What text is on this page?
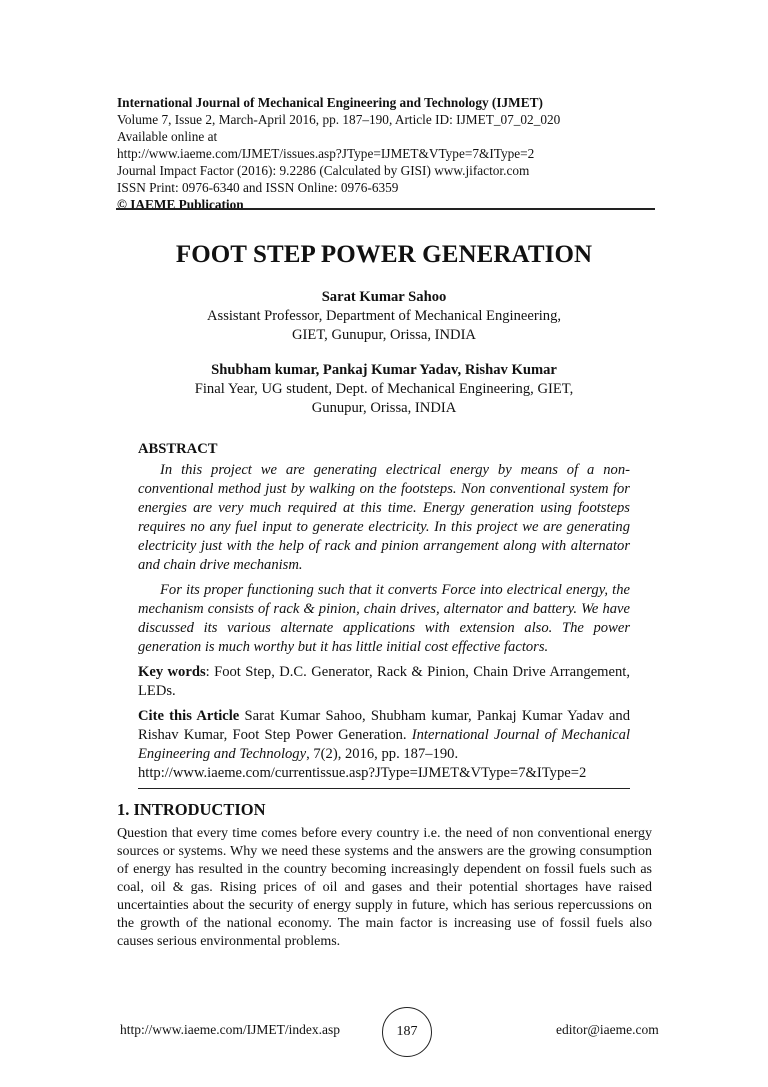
International Journal of Mechanical Engineering and Technology (IJMET)
Volume 7, Issue 2, March-April 2016, pp. 187–190, Article ID: IJMET_07_02_020
Available online at
http://www.iaeme.com/IJMET/issues.asp?JType=IJMET&VType=7&IType=2
Journal Impact Factor (2016): 9.2286 (Calculated by GISI) www.jifactor.com
ISSN Print: 0976-6340 and ISSN Online: 0976-6359
© IAEME Publication
FOOT STEP POWER GENERATION
Sarat Kumar Sahoo
Assistant Professor, Department of Mechanical Engineering,
GIET, Gunupur, Orissa, INDIA
Shubham kumar, Pankaj Kumar Yadav, Rishav Kumar
Final Year, UG student, Dept. of Mechanical Engineering, GIET,
Gunupur, Orissa, INDIA
ABSTRACT

In this project we are generating electrical energy by means of a non-conventional method just by walking on the footsteps. Non conventional system for energies are very much required at this time. Energy generation using footsteps requires no any fuel input to generate electricity. In this project we are generating electricity just with the help of rack and pinion arrangement along with alternator and chain drive mechanism.

For its proper functioning such that it converts Force into electrical energy, the mechanism consists of rack & pinion, chain drives, alternator and battery. We have discussed its various alternate applications with extension also. The power generation is much worthy but it has little initial cost effective factors.

Key words: Foot Step, D.C. Generator, Rack & Pinion, Chain Drive Arrangement, LEDs.

Cite this Article Sarat Kumar Sahoo, Shubham kumar, Pankaj Kumar Yadav and Rishav Kumar, Foot Step Power Generation. International Journal of Mechanical Engineering and Technology, 7(2), 2016, pp. 187–190.
http://www.iaeme.com/currentissue.asp?JType=IJMET&VType=7&IType=2

1. INTRODUCTION

Question that every time comes before every country i.e. the need of non conventional energy sources or systems. Why we need these systems and the answers are the growing consumption of energy has resulted in the country becoming increasingly dependent on fossil fuels such as coal, oil & gas. Rising prices of oil and gases and their potential shortages have raised uncertainties about the security of energy supply in future, which has serious repercussions on the growth of the national economy. The main factor is increasing use of fossil fuels also causes serious environmental problems.

http://www.iaeme.com/IJMET/index.asp	187	editor@iaeme.com
